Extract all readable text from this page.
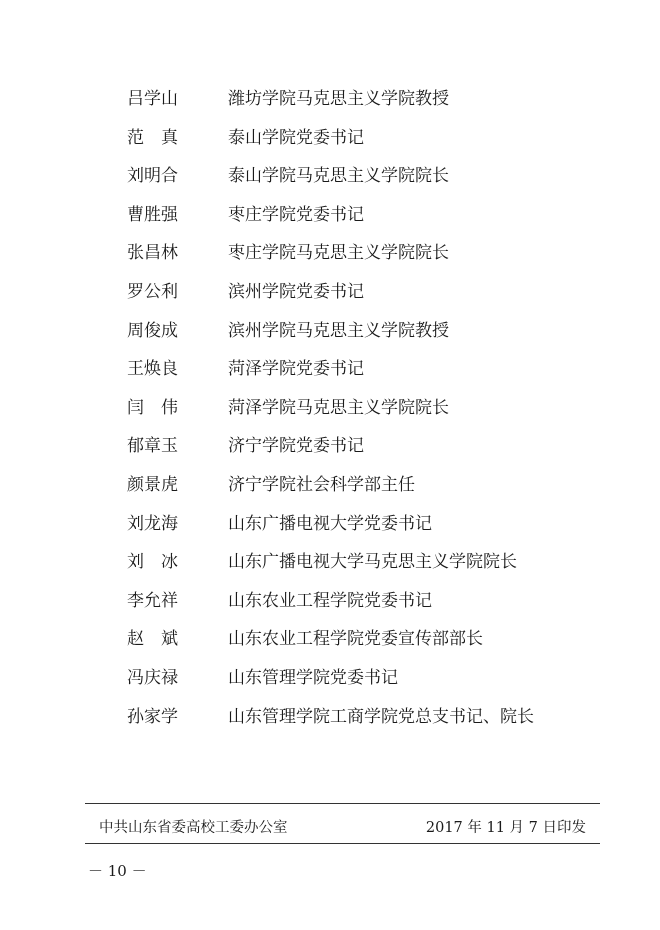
吕学山	潍坊学院马克思主义学院教授
范　真	泰山学院党委书记
刘明合	泰山学院马克思主义学院院长
曹胜强	枣庄学院党委书记
张昌林	枣庄学院马克思主义学院院长
罗公利	滨州学院党委书记
周俊成	滨州学院马克思主义学院教授
王焕良	菏泽学院党委书记
闫　伟	菏泽学院马克思主义学院院长
郁章玉	济宁学院党委书记
颜景虎	济宁学院社会科学部主任
刘龙海	山东广播电视大学党委书记
刘　冰	山东广播电视大学马克思主义学院院长
李允祥	山东农业工程学院党委书记
赵　斌	山东农业工程学院党委宣传部部长
冯庆禄	山东管理学院党委书记
孙家学	山东管理学院工商学院党总支书记、院长
中共山东省委高校工委办公室	2017 年 11 月 7 日印发
－ 10 －
